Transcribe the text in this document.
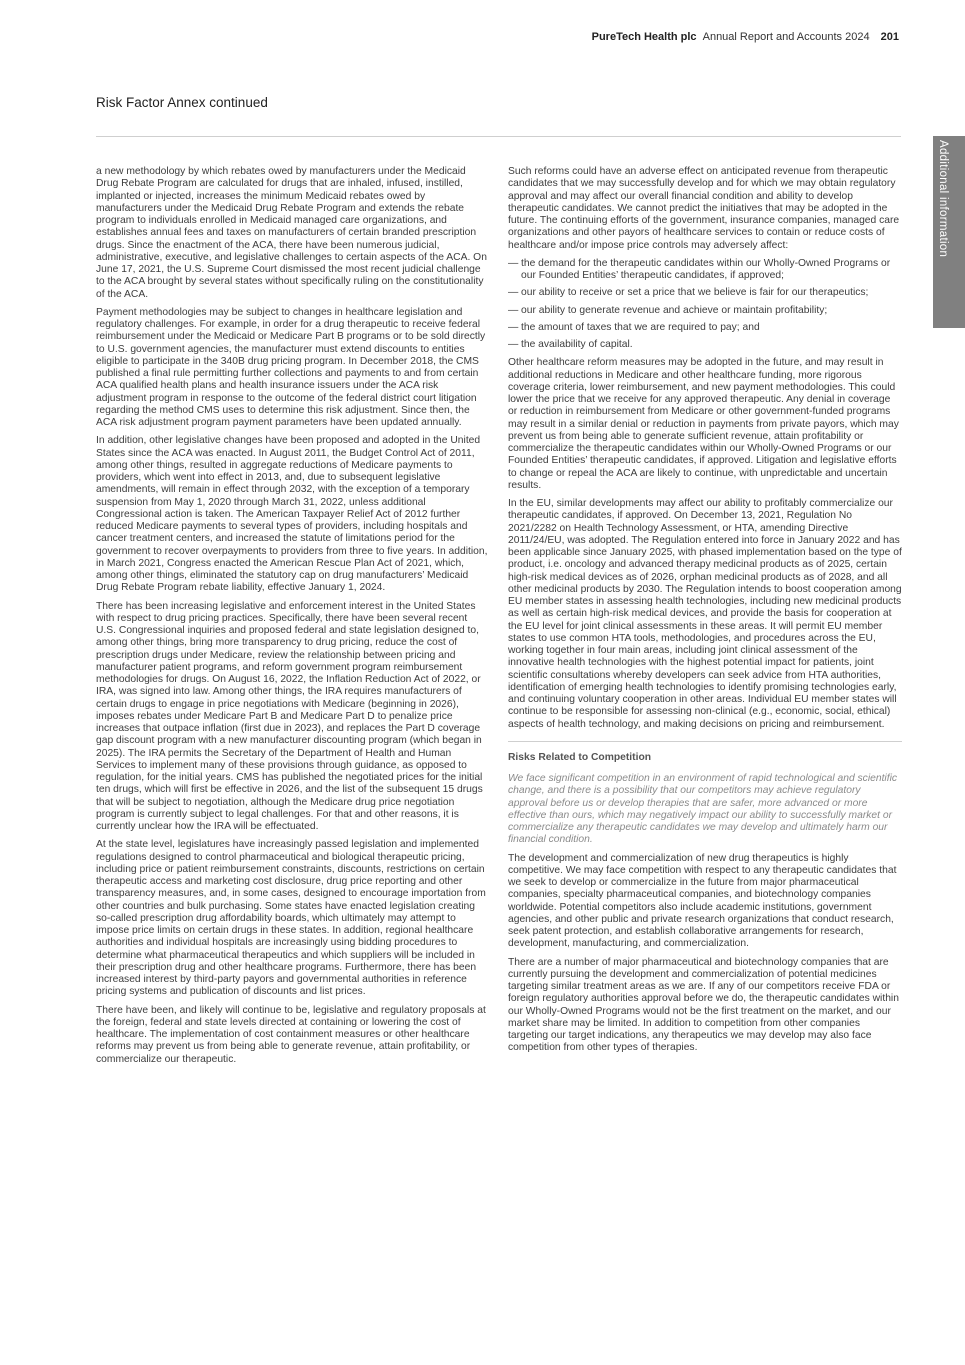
PureTech Health plc Annual Report and Accounts 2024 201
Risk Factor Annex continued
Additional information

a new methodology by which rebates owed by manufacturers under the Medicaid Drug Rebate Program are calculated for drugs that are inhaled, infused, instilled, implanted or injected, increases the minimum Medicaid rebates owed by manufacturers under the Medicaid Drug Rebate Program and extends the rebate program to individuals enrolled in Medicaid managed care organizations, and establishes annual fees and taxes on manufacturers of certain branded prescription drugs. Since the enactment of the ACA, there have been numerous judicial, administrative, executive, and legislative challenges to certain aspects of the ACA. On June 17, 2021, the U.S. Supreme Court dismissed the most recent judicial challenge to the ACA brought by several states without specifically ruling on the constitutionality of the ACA.

Payment methodologies may be subject to changes in healthcare legislation and regulatory challenges. For example, in order for a drug therapeutic to receive federal reimbursement under the Medicaid or Medicare Part B programs or to be sold directly to U.S. government agencies, the manufacturer must extend discounts to entities eligible to participate in the 340B drug pricing program. In December 2018, the CMS published a final rule permitting further collections and payments to and from certain ACA qualified health plans and health insurance issuers under the ACA risk adjustment program in response to the outcome of the federal district court litigation regarding the method CMS uses to determine this risk adjustment. Since then, the ACA risk adjustment program payment parameters have been updated annually.

In addition, other legislative changes have been proposed and adopted in the United States since the ACA was enacted. In August 2011, the Budget Control Act of 2011, among other things, resulted in aggregate reductions of Medicare payments to providers, which went into effect in 2013, and, due to subsequent legislative amendments, will remain in effect through 2032, with the exception of a temporary suspension from May 1, 2020 through March 31, 2022, unless additional Congressional action is taken. The American Taxpayer Relief Act of 2012 further reduced Medicare payments to several types of providers, including hospitals and cancer treatment centers, and increased the statute of limitations period for the government to recover overpayments to providers from three to five years. In addition, in March 2021, Congress enacted the American Rescue Plan Act of 2021, which, among other things, eliminated the statutory cap on drug manufacturers’ Medicaid Drug Rebate Program rebate liability, effective January 1, 2024.

There has been increasing legislative and enforcement interest in the United States with respect to drug pricing practices. Specifically, there have been several recent U.S. Congressional inquiries and proposed federal and state legislation designed to, among other things, bring more transparency to drug pricing, reduce the cost of prescription drugs under Medicare, review the relationship between pricing and manufacturer patient programs, and reform government program reimbursement methodologies for drugs. On August 16, 2022, the Inflation Reduction Act of 2022, or IRA, was signed into law. Among other things, the IRA requires manufacturers of certain drugs to engage in price negotiations with Medicare (beginning in 2026), imposes rebates under Medicare Part B and Medicare Part D to penalize price increases that outpace inflation (first due in 2023), and replaces the Part D coverage gap discount program with a new manufacturer discounting program (which began in 2025). The IRA permits the Secretary of the Department of Health and Human Services to implement many of these provisions through guidance, as opposed to regulation, for the initial years. CMS has published the negotiated prices for the initial ten drugs, which will first be effective in 2026, and the list of the subsequent 15 drugs that will be subject to negotiation, although the Medicare drug price negotiation program is currently subject to legal challenges. For that and other reasons, it is currently unclear how the IRA will be effectuated.

At the state level, legislatures have increasingly passed legislation and implemented regulations designed to control pharmaceutical and biological therapeutic pricing, including price or patient reimbursement constraints, discounts, restrictions on certain therapeutic access and marketing cost disclosure, drug price reporting and other transparency measures, and, in some cases, designed to encourage importation from other countries and bulk purchasing. Some states have enacted legislation creating so-called prescription drug affordability boards, which ultimately may attempt to impose price limits on certain drugs in these states. In addition, regional healthcare authorities and individual hospitals are increasingly using bidding procedures to determine what pharmaceutical therapeutics and which suppliers will be included in their prescription drug and other healthcare programs. Furthermore, there has been increased interest by third-party payors and governmental authorities in reference pricing systems and publication of discounts and list prices.

There have been, and likely will continue to be, legislative and regulatory proposals at the foreign, federal and state levels directed at containing or lowering the cost of healthcare. The implementation of cost containment measures or other healthcare reforms may prevent us from being able to generate revenue, attain profitability, or commercialize our therapeutic.

Such reforms could have an adverse effect on anticipated revenue from therapeutic candidates that we may successfully develop and for which we may obtain regulatory approval and may affect our overall financial condition and ability to develop therapeutic candidates. We cannot predict the initiatives that may be adopted in the future. The continuing efforts of the government, insurance companies, managed care organizations and other payors of healthcare services to contain or reduce costs of healthcare and/or impose price controls may adversely affect:

— the demand for the therapeutic candidates within our Wholly-Owned Programs or our Founded Entities’ therapeutic candidates, if approved;
— our ability to receive or set a price that we believe is fair for our therapeutics;
— our ability to generate revenue and achieve or maintain profitability;
— the amount of taxes that we are required to pay; and
— the availability of capital.

Other healthcare reform measures may be adopted in the future, and may result in additional reductions in Medicare and other healthcare funding, more rigorous coverage criteria, lower reimbursement, and new payment methodologies. This could lower the price that we receive for any approved therapeutic. Any denial in coverage or reduction in reimbursement from Medicare or other government-funded programs may result in a similar denial or reduction in payments from private payors, which may prevent us from being able to generate sufficient revenue, attain profitability or commercialize the therapeutic candidates within our Wholly-Owned Programs or our Founded Entities’ therapeutic candidates, if approved. Litigation and legislative efforts to change or repeal the ACA are likely to continue, with unpredictable and uncertain results.

In the EU, similar developments may affect our ability to profitably commercialize our therapeutic candidates, if approved. On December 13, 2021, Regulation No 2021/2282 on Health Technology Assessment, or HTA, amending Directive 2011/24/EU, was adopted. The Regulation entered into force in January 2022 and has been applicable since January 2025, with phased implementation based on the type of product, i.e. oncology and advanced therapy medicinal products as of 2025, certain high-risk medical devices as of 2026, orphan medicinal products as of 2028, and all other medicinal products by 2030. The Regulation intends to boost cooperation among EU member states in assessing health technologies, including new medicinal products as well as certain high-risk medical devices, and provide the basis for cooperation at the EU level for joint clinical assessments in these areas. It will permit EU member states to use common HTA tools, methodologies, and procedures across the EU, working together in four main areas, including joint clinical assessment of the innovative health technologies with the highest potential impact for patients, joint scientific consultations whereby developers can seek advice from HTA authorities, identification of emerging health technologies to identify promising technologies early, and continuing voluntary cooperation in other areas. Individual EU member states will continue to be responsible for assessing non-clinical (e.g., economic, social, ethical) aspects of health technology, and making decisions on pricing and reimbursement.

Risks Related to Competition

We face significant competition in an environment of rapid technological and scientific change, and there is a possibility that our competitors may achieve regulatory approval before us or develop therapies that are safer, more advanced or more effective than ours, which may negatively impact our ability to successfully market or commercialize any therapeutic candidates we may develop and ultimately harm our financial condition.

The development and commercialization of new drug therapeutics is highly competitive. We may face competition with respect to any therapeutic candidates that we seek to develop or commercialize in the future from major pharmaceutical companies, specialty pharmaceutical companies, and biotechnology companies worldwide. Potential competitors also include academic institutions, government agencies, and other public and private research organizations that conduct research, seek patent protection, and establish collaborative arrangements for research, development, manufacturing, and commercialization.

There are a number of major pharmaceutical and biotechnology companies that are currently pursuing the development and commercialization of potential medicines targeting similar treatment areas as we are. If any of our competitors receive FDA or foreign regulatory authorities approval before we do, the therapeutic candidates within our Wholly-Owned Programs would not be the first treatment on the market, and our market share may be limited. In addition to competition from other companies targeting our target indications, any therapeutics we may develop may also face competition from other types of therapies.
